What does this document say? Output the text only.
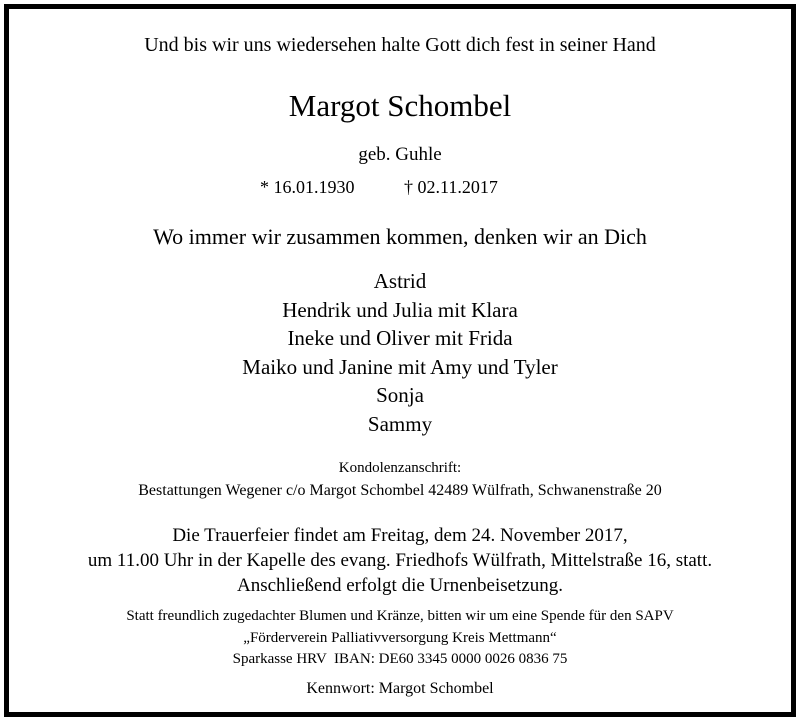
Und bis wir uns wiedersehen halte Gott dich fest in seiner Hand
Margot Schombel
geb. Guhle
* 16.01.1930	† 02.11.2017
Wo immer wir zusammen kommen, denken wir an Dich
Astrid
Hendrik und Julia mit Klara
Ineke und Oliver mit Frida
Maiko und Janine mit Amy und Tyler
Sonja
Sammy
Kondolenzanschrift:
Bestattungen Wegener c/o Margot Schombel 42489 Wülfrath, Schwanenstraße 20
Die Trauerfeier findet am Freitag, dem 24. November 2017,
um 11.00 Uhr in der Kapelle des evang. Friedhofs Wülfrath, Mittelstraße 16, statt.
Anschließend erfolgt die Urnenbeisetzung.
Statt freundlich zugedachter Blumen und Kränze, bitten wir um eine Spende für den SAPV
„Förderverein Palliativversorgung Kreis Mettmann“
Sparkasse HRV  IBAN: DE60 3345 0000 0026 0836 75
Kennwort: Margot Schombel
